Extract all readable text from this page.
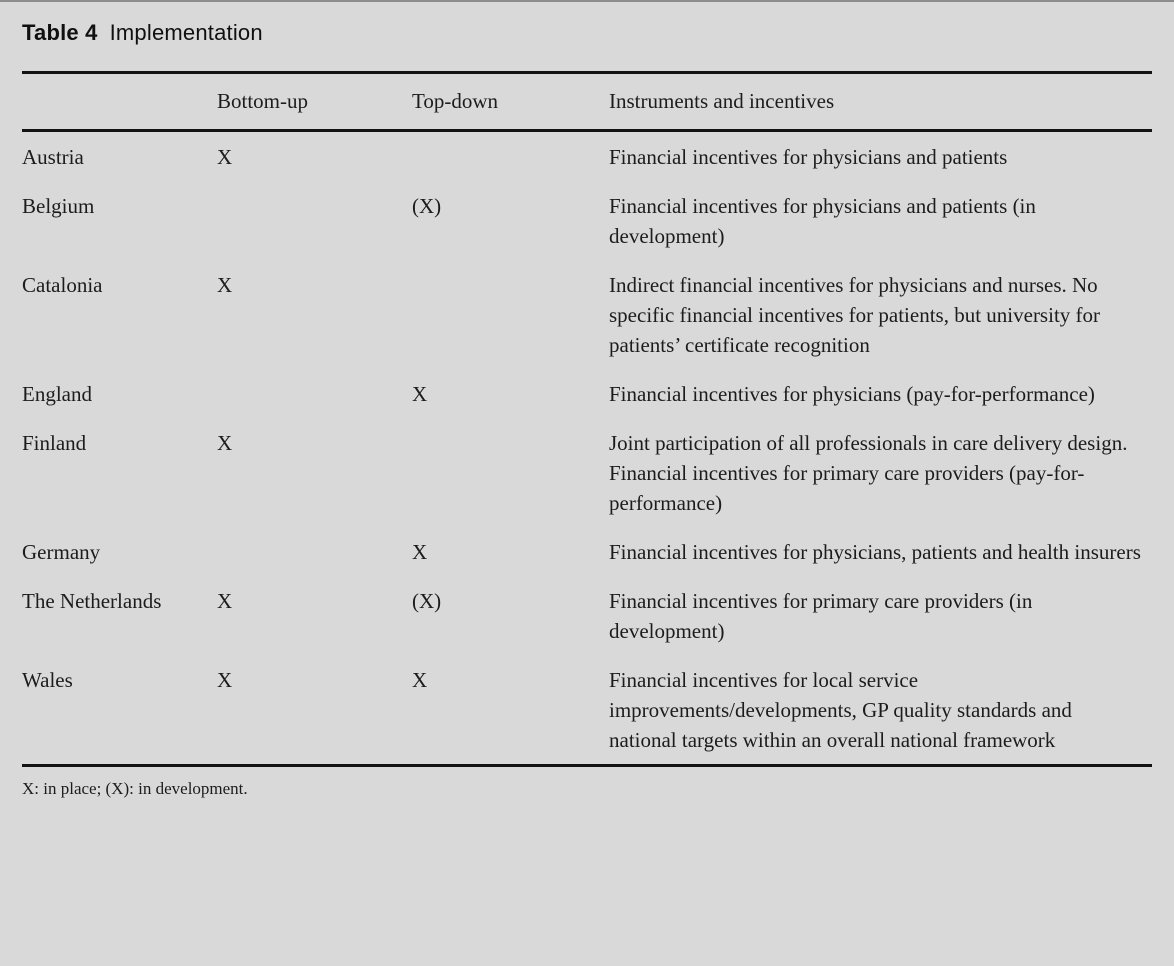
Table 4 Implementation
	Bottom-up	Top-down	Instruments and incentives
Austria	X		Financial incentives for physicians and patients
Belgium		(X)	Financial incentives for physicians and patients (in development)
Catalonia	X		Indirect financial incentives for physicians and nurses. No specific financial incentives for patients, but university for patients’ certificate recognition
England		X	Financial incentives for physicians (pay-for-performance)
Finland	X		Joint participation of all professionals in care delivery design. Financial incentives for primary care providers (pay-for-performance)
Germany		X	Financial incentives for physicians, patients and health insurers
The Netherlands	X	(X)	Financial incentives for primary care providers (in development)
Wales	X	X	Financial incentives for local service improvements/developments, GP quality standards and national targets within an overall national framework
X: in place; (X): in development.
